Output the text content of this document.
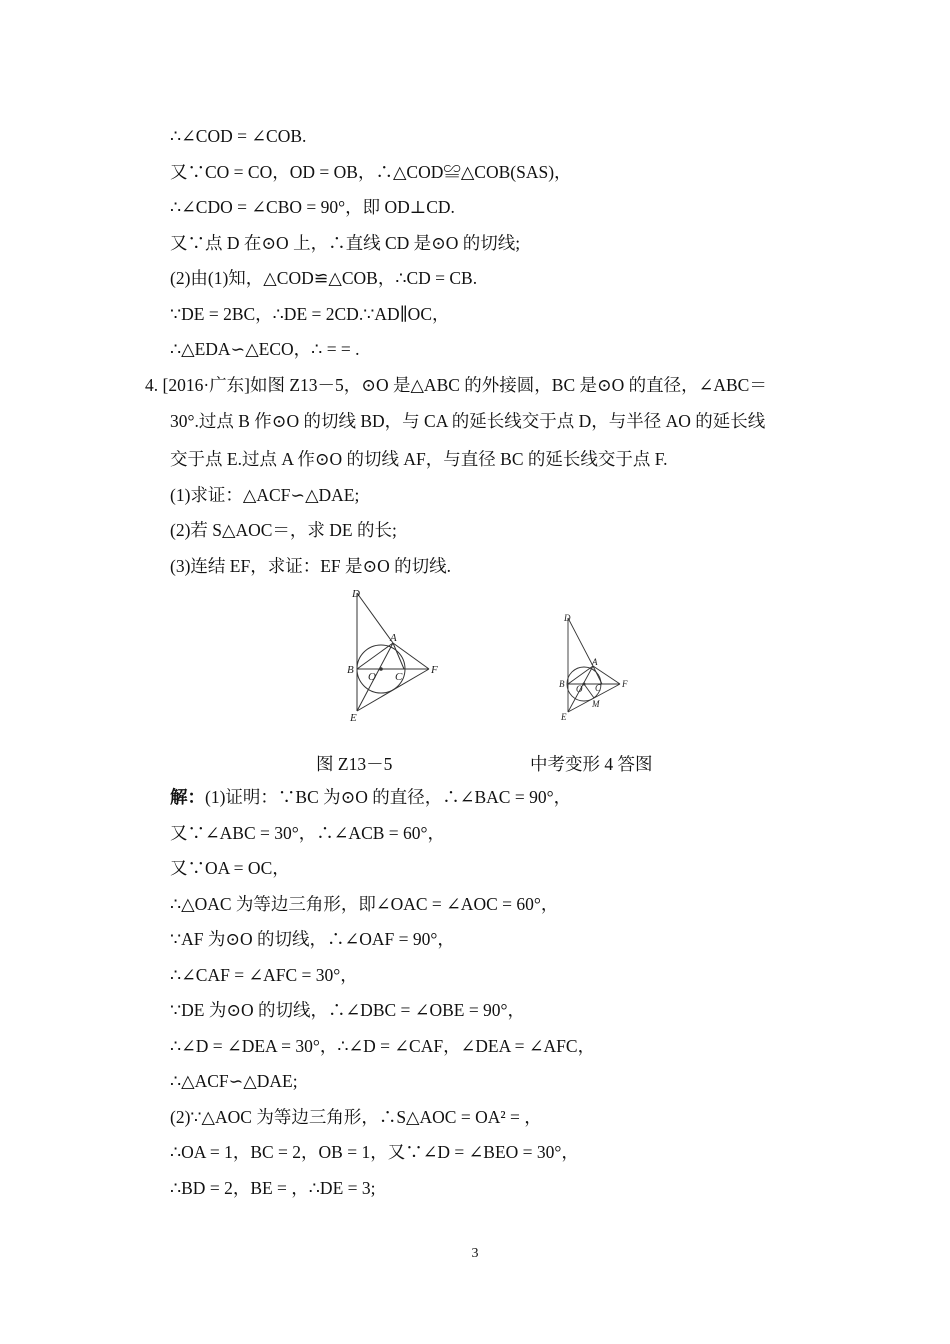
∴∠COD = ∠COB.
又∵CO = CO，OD = OB，∴△COD≌△COB(SAS)，
∴∠CDO = ∠CBO = 90°，即 OD⊥CD.
又∵点 D 在⊙O 上，∴直线 CD 是⊙O 的切线;
(2)由(1)知，△COD≌△COB，∴CD = CB.
∵DE = 2BC，∴DE = 2CD.∵AD∥OC，
∴△EDA∽△ECO，∴ = = .
4. [2016·广东]如图 Z13－5，⊙O 是△ABC 的外接圆，BC 是⊙O 的直径，∠ABC＝
30°.过点 B 作⊙O 的切线 BD，与 CA 的延长线交于点 D，与半径 AO 的延长线
交于点 E.过点 A 作⊙O 的切线 AF，与直径 BC 的延长线交于点 F.
(1)求证：△ACF∽△DAE;
(2)若 S△AOC＝，求 DE 的长;
(3)连结 EF，求证：EF 是⊙O 的切线.
D
A
B
O C
F
E
D
A
B O C F
M
E
图 Z13－5	中考变形 4 答图
解：(1)证明：∵BC 为⊙O 的直径，∴∠BAC = 90°，
又∵∠ABC = 30°，∴∠ACB = 60°，
又∵OA = OC，
∴△OAC 为等边三角形，即∠OAC = ∠AOC = 60°，
∵AF 为⊙O 的切线，∴∠OAF = 90°，
∴∠CAF = ∠AFC = 30°，
∵DE 为⊙O 的切线，∴∠DBC = ∠OBE = 90°，
∴∠D = ∠DEA = 30°，∴∠D = ∠CAF，∠DEA = ∠AFC，
∴△ACF∽△DAE;
(2)∵△AOC 为等边三角形，∴S△AOC = OA² = ，
∴OA = 1，BC = 2，OB = 1，又∵∠D = ∠BEO = 30°，
∴BD = 2，BE = ，∴DE = 3;
3
